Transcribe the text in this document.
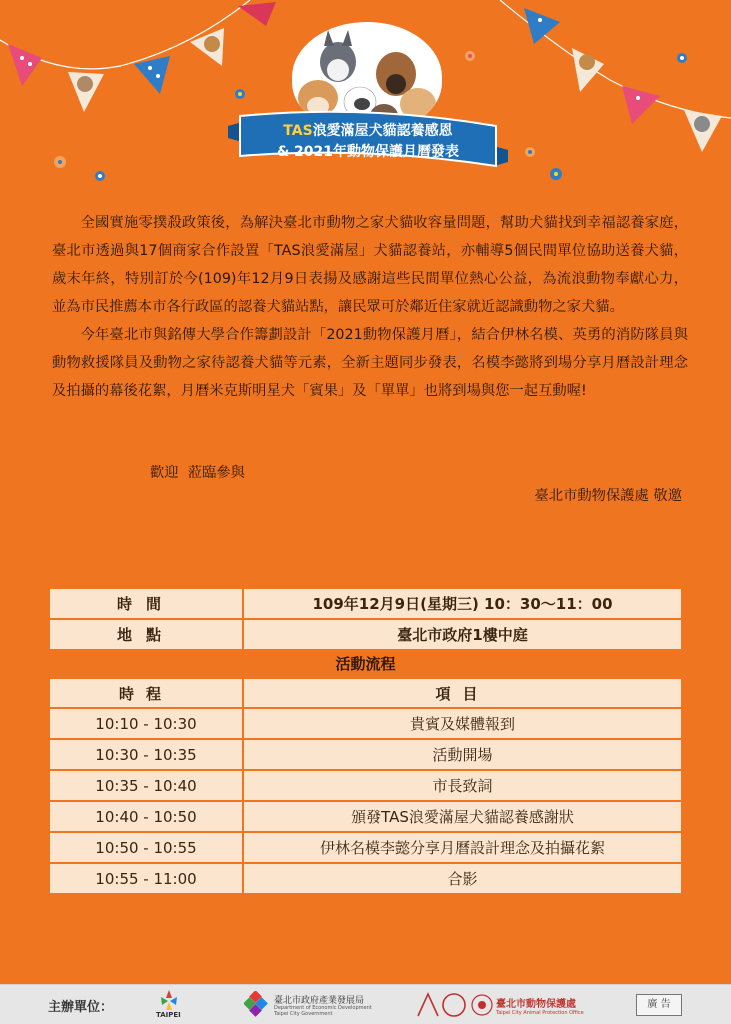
TAS浪愛滿屋犬貓認養感恩
& 2021年動物保護月曆發表

全國實施零撲殺政策後，為解決臺北市動物之家犬貓收容量問題，幫助犬貓找到幸福認養家庭，臺北市透過與17個商家合作設置「TAS浪愛滿屋」犬貓認養站，亦輔導5個民間單位協助送養犬貓，歲末年終，特別訂於今(109)年12月9日表揚及感謝這些民間單位熱心公益，為流浪動物奉獻心力，並為市民推薦本市各行政區的認養犬貓站點，讓民眾可於鄰近住家就近認識動物之家犬貓。

今年臺北市與銘傳大學合作籌劃設計「2021動物保護月曆」，結合伊林名模、英勇的消防隊員與動物救援隊員及動物之家待認養犬貓等元素，全新主題同步發表，名模李懿將到場分享月曆設計理念及拍攝的幕後花絮，月曆米克斯明星犬「賓果」及「單單」也將到場與您一起互動喔!

歡迎  蒞臨參與
臺北市動物保護處 敬邀
時間	109年12月9日(星期三) 10：30～11：00
地點	臺北市政府1樓中庭
活動流程
時程	項目
10:10 - 10:30	貴賓及媒體報到
10:30 - 10:35	活動開場
10:35 - 10:40	市長致詞
10:40 - 10:50	頒發TAS浪愛滿屋犬貓認養感謝狀
10:50 - 10:55	伊林名模李懿分享月曆設計理念及拍攝花絮
10:55 - 11:00	合影
主辦單位：	TAIPEI
臺北市政府產業發展局
Department of Economic Development
Taipei City Government
臺北市動物保護處
Taipei City Animal Protection Office
廣 告
